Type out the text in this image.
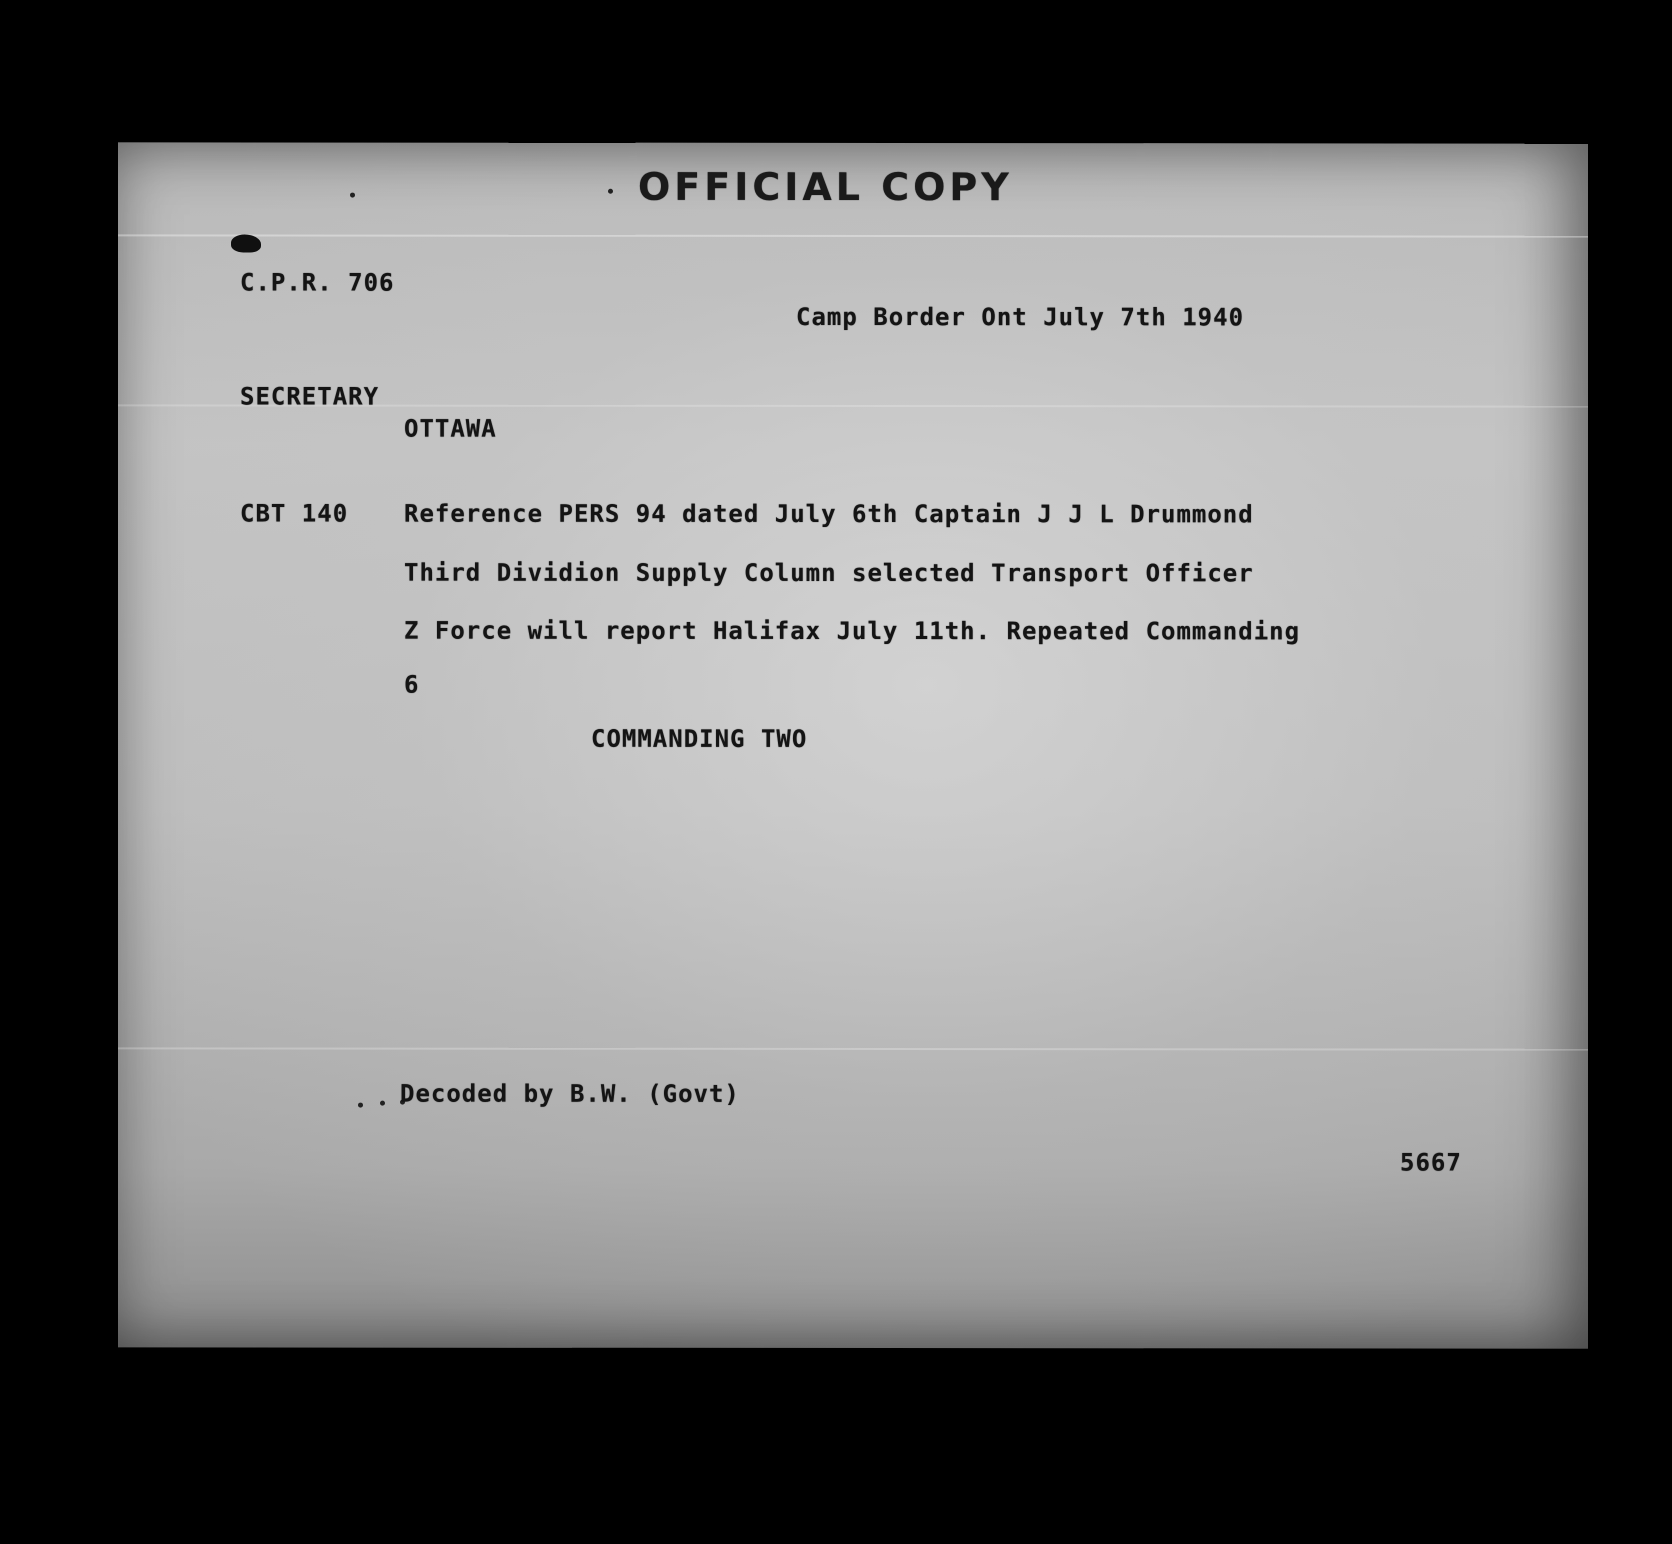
OFFICIAL COPY
C.P.R. 706
Camp Border Ont July 7th 1940
SECRETARY
OTTAWA
CBT 140 Reference PERS 94 dated July 6th Captain J J L Drummond
Third Dividion Supply Column selected Transport Officer
Z Force will report Halifax July 11th. Repeated Commanding
6
COMMANDING TWO
Decoded by B.W. (Govt)
5667
